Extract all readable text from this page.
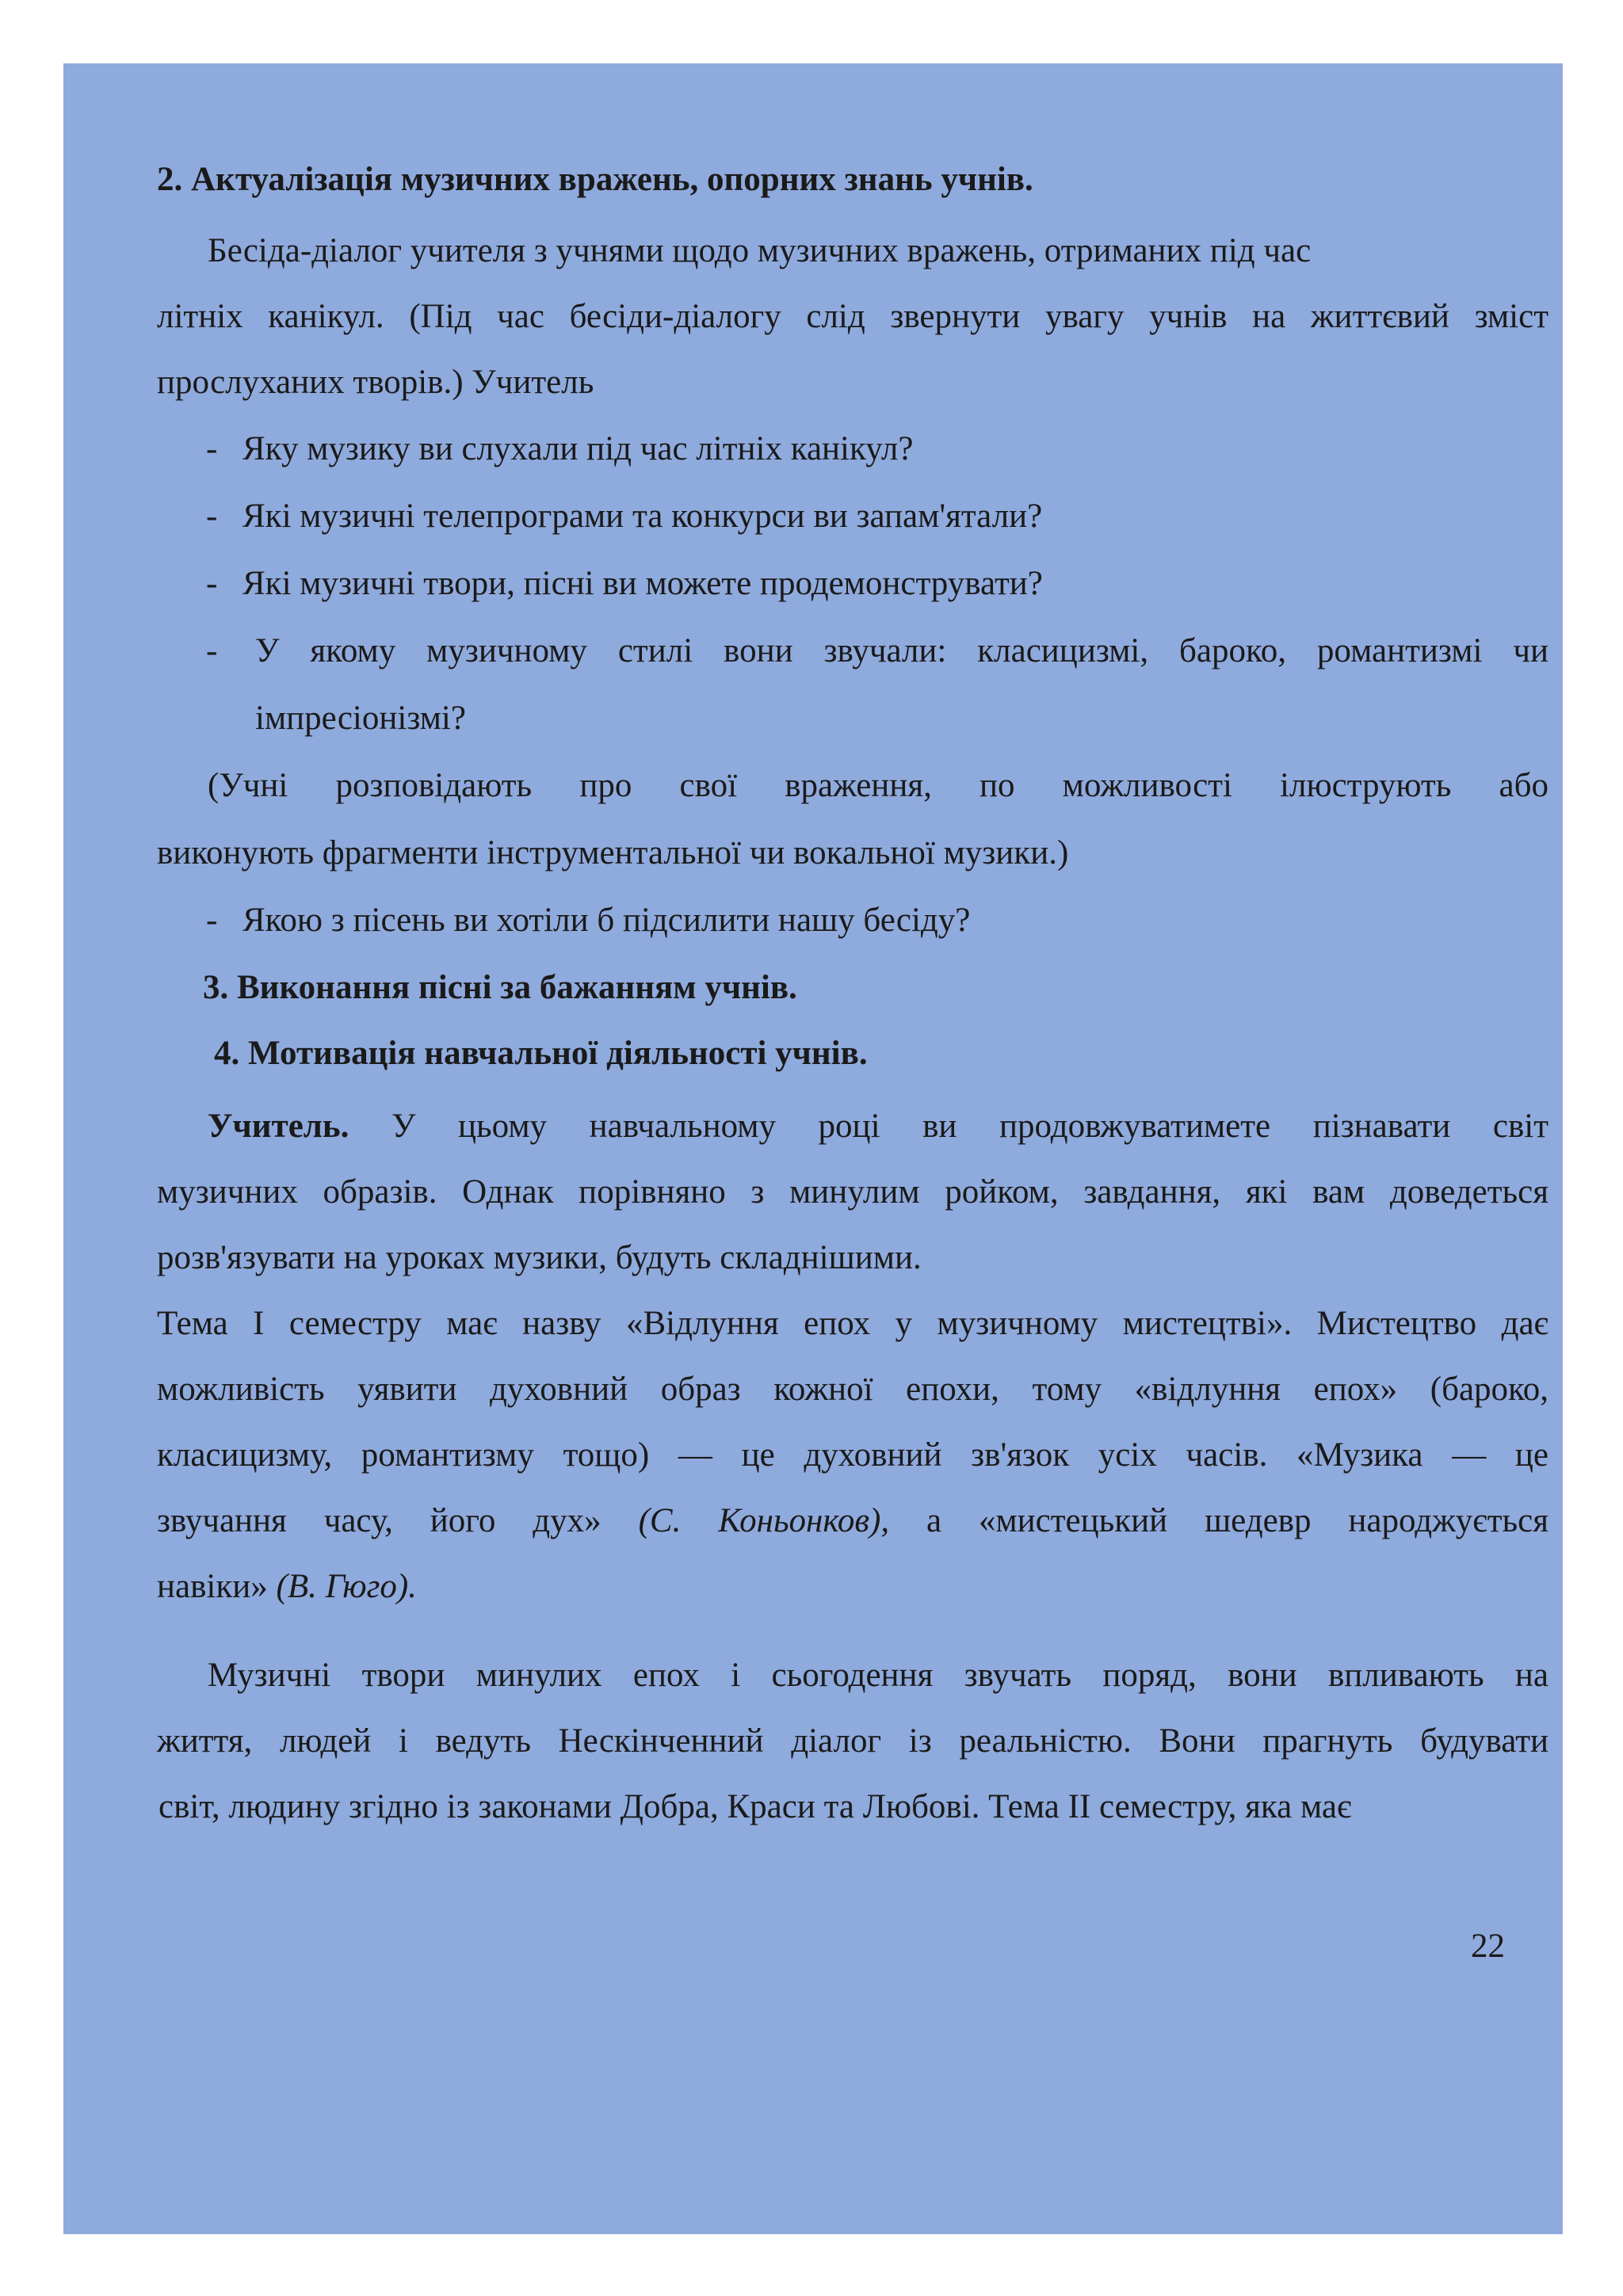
2. Актуалізація музичних вражень, опорних знань учнів.
Бесіда-діалог учителя з учнями щодо музичних вражень, отриманих під час
літніх канікул. (Під час бесіди-діалогу слід звернути увагу учнів на життєвий зміст
прослуханих творів.) Учитель
- Яку музику ви слухали під час літніх канікул?
- Які музичні телепрограми та конкурси ви запам'ятали?
- Які музичні твори, пісні ви можете продемонструвати?
- У якому музичному стилі вони звучали: класицизмі, бароко, романтизмі чи
імпресіонізмі?
(Учні розповідають про свої враження, по можливості ілюструють або
виконують фрагменти інструментальної чи вокальної музики.)
- Якою з пісень ви хотіли б підсилити нашу бесіду?
3. Виконання пісні за бажанням учнів.
4. Мотивація навчальної діяльності учнів.
Учитель. У цьому навчальному році ви продовжуватимете пізнавати світ
музичних образів. Однак порівняно з минулим ройком, завдання, які вам доведеться
розв'язувати на уроках музики, будуть складнішими.
Тема I семестру має назву «Відлуння епох у музичному мистецтві». Мистецтво дає
можливість уявити духовний образ кожної епохи, тому «відлуння епох» (бароко,
класицизму, романтизму тощо) — це духовний зв'язок усіх часів. «Музика — це
звучання часу, його дух» (С. Коньонков), а «мистецький шедевр народжується
навіки» (В. Гюго).
Музичні твори минулих епох і сьогодення звучать поряд, вони впливають на
життя, людей і ведуть Нескінченний діалог із реальністю. Вони прагнуть будувати
світ, людину згідно із законами Добра, Краси та Любові. Тема II семестру, яка має
22
